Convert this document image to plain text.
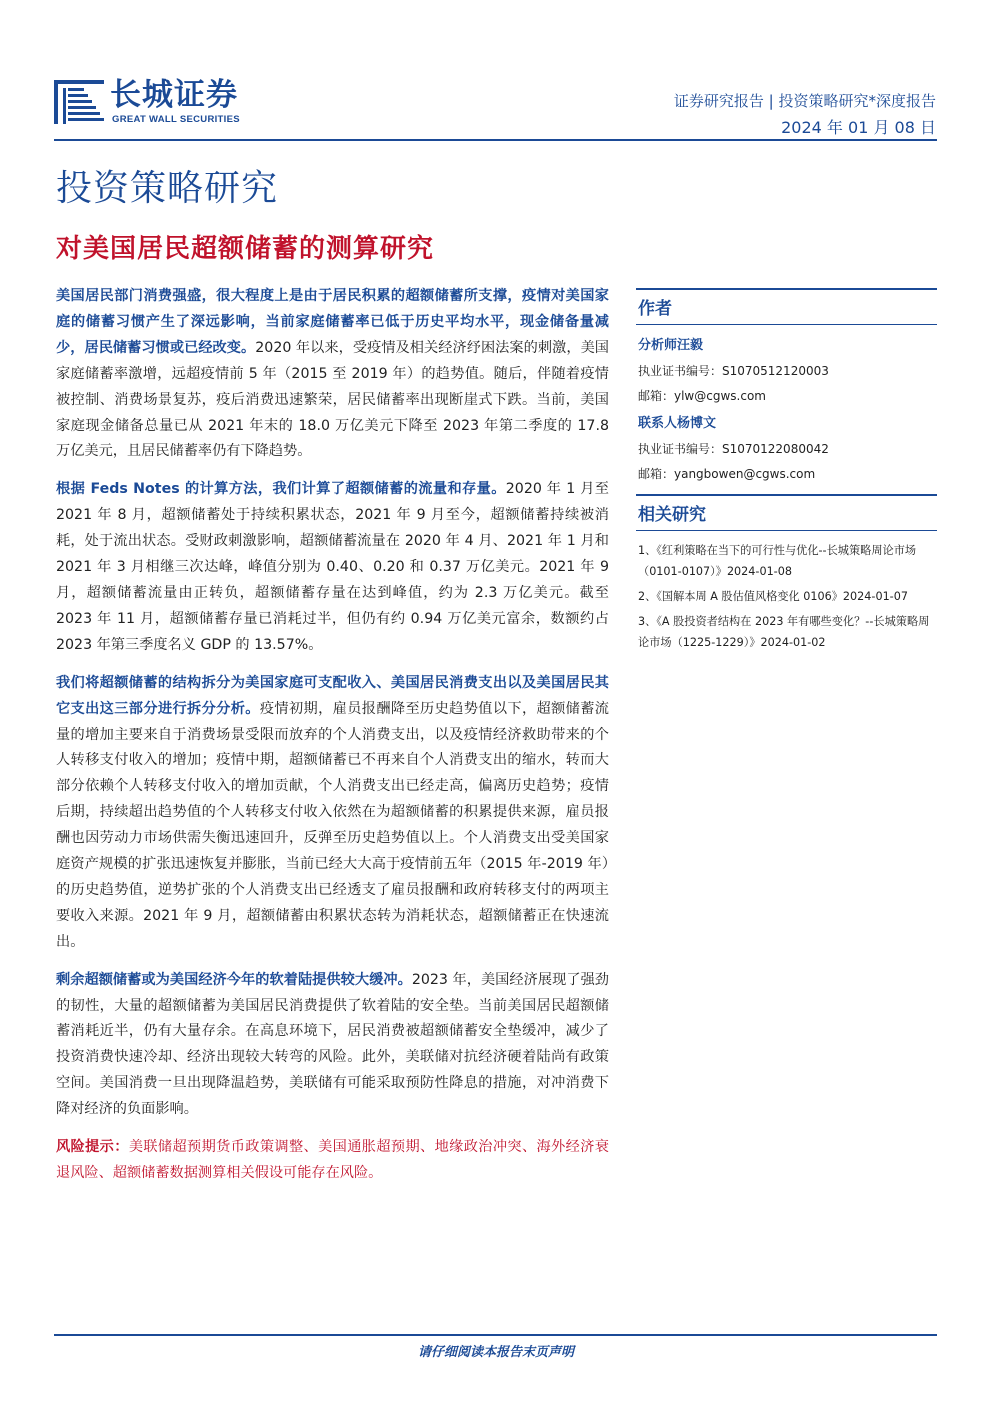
长城证券
GREAT WALL SECURITIES
证券研究报告 | 投资策略研究*深度报告
2024 年 01 月 08 日
投资策略研究
对美国居民超额储蓄的测算研究

美国居民部门消费强盛，很大程度上是由于居民积累的超额储蓄所支撑，疫情对美国家庭的储蓄习惯产生了深远影响，当前家庭储蓄率已低于历史平均水平，现金储备量减少，居民储蓄习惯或已经改变。2020 年以来，受疫情及相关经济纾困法案的刺激，美国家庭储蓄率激增，远超疫情前 5 年（2015 至 2019 年）的趋势值。随后，伴随着疫情被控制、消费场景复苏，疫后消费迅速繁荣，居民储蓄率出现断崖式下跌。当前，美国家庭现金储备总量已从 2021 年末的 18.0 万亿美元下降至 2023 年第二季度的 17.8 万亿美元，且居民储蓄率仍有下降趋势。

根据 Feds Notes 的计算方法，我们计算了超额储蓄的流量和存量。2020 年 1 月至 2021 年 8 月，超额储蓄处于持续积累状态，2021 年 9 月至今，超额储蓄持续被消耗，处于流出状态。受财政刺激影响，超额储蓄流量在 2020 年 4 月、2021 年 1 月和 2021 年 3 月相继三次达峰，峰值分别为 0.40、0.20 和 0.37 万亿美元。2021 年 9 月，超额储蓄流量由正转负，超额储蓄存量在达到峰值，约为 2.3 万亿美元。截至 2023 年 11 月，超额储蓄存量已消耗过半，但仍有约 0.94 万亿美元富余，数额约占 2023 年第三季度名义 GDP 的 13.57%。

我们将超额储蓄的结构拆分为美国家庭可支配收入、美国居民消费支出以及美国居民其它支出这三部分进行拆分分析。疫情初期，雇员报酬降至历史趋势值以下，超额储蓄流量的增加主要来自于消费场景受限而放弃的个人消费支出，以及疫情经济救助带来的个人转移支付收入的增加；疫情中期，超额储蓄已不再来自个人消费支出的缩水，转而大部分依赖个人转移支付收入的增加贡献，个人消费支出已经走高，偏离历史趋势；疫情后期，持续超出趋势值的个人转移支付收入依然在为超额储蓄的积累提供来源，雇员报酬也因劳动力市场供需失衡迅速回升，反弹至历史趋势值以上。个人消费支出受美国家庭资产规模的扩张迅速恢复并膨胀，当前已经大大高于疫情前五年（2015 年-2019 年）的历史趋势值，逆势扩张的个人消费支出已经透支了雇员报酬和政府转移支付的两项主要收入来源。2021 年 9 月，超额储蓄由积累状态转为消耗状态，超额储蓄正在快速流出。

剩余超额储蓄或为美国经济今年的软着陆提供较大缓冲。2023 年，美国经济展现了强劲的韧性，大量的超额储蓄为美国居民消费提供了软着陆的安全垫。当前美国居民超额储蓄消耗近半，仍有大量存余。在高息环境下，居民消费被超额储蓄安全垫缓冲，减少了投资消费快速冷却、经济出现较大转弯的风险。此外，美联储对抗经济硬着陆尚有政策空间。美国消费一旦出现降温趋势，美联储有可能采取预防性降息的措施，对冲消费下降对经济的负面影响。

风险提示：美联储超预期货币政策调整、美国通胀超预期、地缘政治冲突、海外经济衰退风险、超额储蓄数据测算相关假设可能存在风险。
作者
分析师汪毅
执业证书编号：S1070512120003
邮箱：ylw@cgws.com
联系人杨博文
执业证书编号：S1070122080042
邮箱：yangbowen@cgws.com
相关研究
1、《红利策略在当下的可行性与优化--长城策略周论市场（0101-0107）》2024-01-08
2、《国解本周 A 股估值风格变化 0106》2024-01-07
3、《A 股投资者结构在 2023 年有哪些变化？--长城策略周论市场（1225-1229）》2024-01-02
请仔细阅读本报告末页声明
